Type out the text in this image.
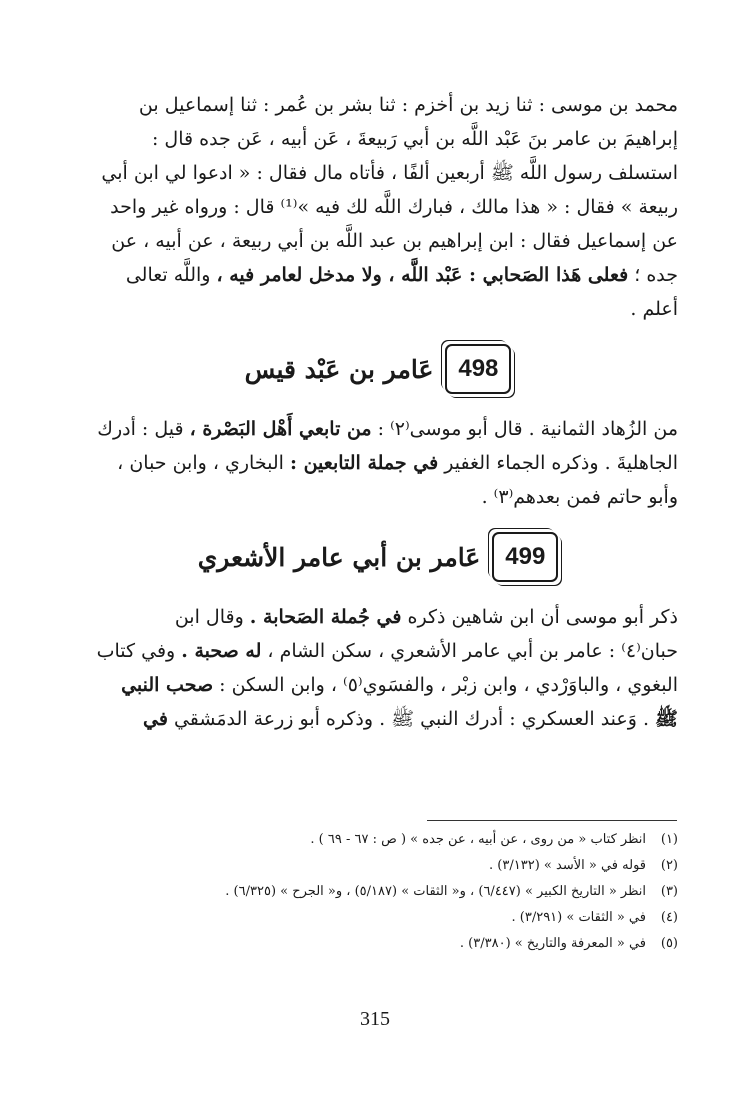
محمد بن موسى : ثنا زيد بن أخزم : ثنا بشر بن عُمر : ثنا إسماعيل بن
إبراهيمَ بن عامر بنَ عَبْد اللَّه بن أبي رَبيعةَ ، عَن أبيه ، عَن جده قال :
استسلف رسول اللَّه ﷺ أربعين ألفًا ، فأتاه مال فقال : « ادعوا لي ابن أبي
ربيعة » فقال : « هذا مالك ، فبارك اللَّه لك فيه »⁽¹⁾ قال : ورواه غير واحد
عن إسماعيل فقال : ابن إبراهيم بن عبد اللَّه بن أبي ربيعة ، عن أبيه ، عن
جده ؛ فعلى هَذا الصَحابي : عَبْد اللَّه ، ولا مدخل لعامر فيه ، واللَّه تعالى
أعلم .

498
عَامر بن عَبْد قيس

من الزُهاد الثمانية . قال أبو موسى⁽٢⁾ : من تابعي أَهْل البَصْرة ، قيل : أدرك
الجاهليةَ . وذكره الجماء الغفير في جملة التابعين : البخاري ، وابن حبان ،
وأبو حاتم فمن بعدهم⁽٣⁾ .

499
عَامر بن أبي عامر الأشعري

ذكر أبو موسى أن ابن شاهين ذكره في جُملة الصَحابة . وقال ابن
حبان⁽٤⁾ : عامر بن أبي عامر الأشعري ، سكن الشام ، له صحبة . وفي كتاب
البغوي ، والباوَرْدي ، وابن زبْر ، والفسَوي⁽٥⁾ ، وابن السكن : صحب النبي
ﷺ . وَعند العسكري : أدرك النبي ﷺ . وذكره أبو زرعة الدمَشقي في

(١)
انظر كتاب « من روى ، عن أبيه ، عن جده » ( ص : ٦٧ - ٦٩ ) .
(٢)
قوله في « الأسد » (٣/١٣٢) .
(٣)
انظر « التاريخ الكبير » (٦/٤٤٧) ، و« الثقات » (٥/١٨٧) ، و« الجرح » (٦/٣٢٥) .
(٤)
في « الثقات » (٣/٢٩١) .
(٥)
في « المعرفة والتاريخ » (٣/٣٨٠) .
315
